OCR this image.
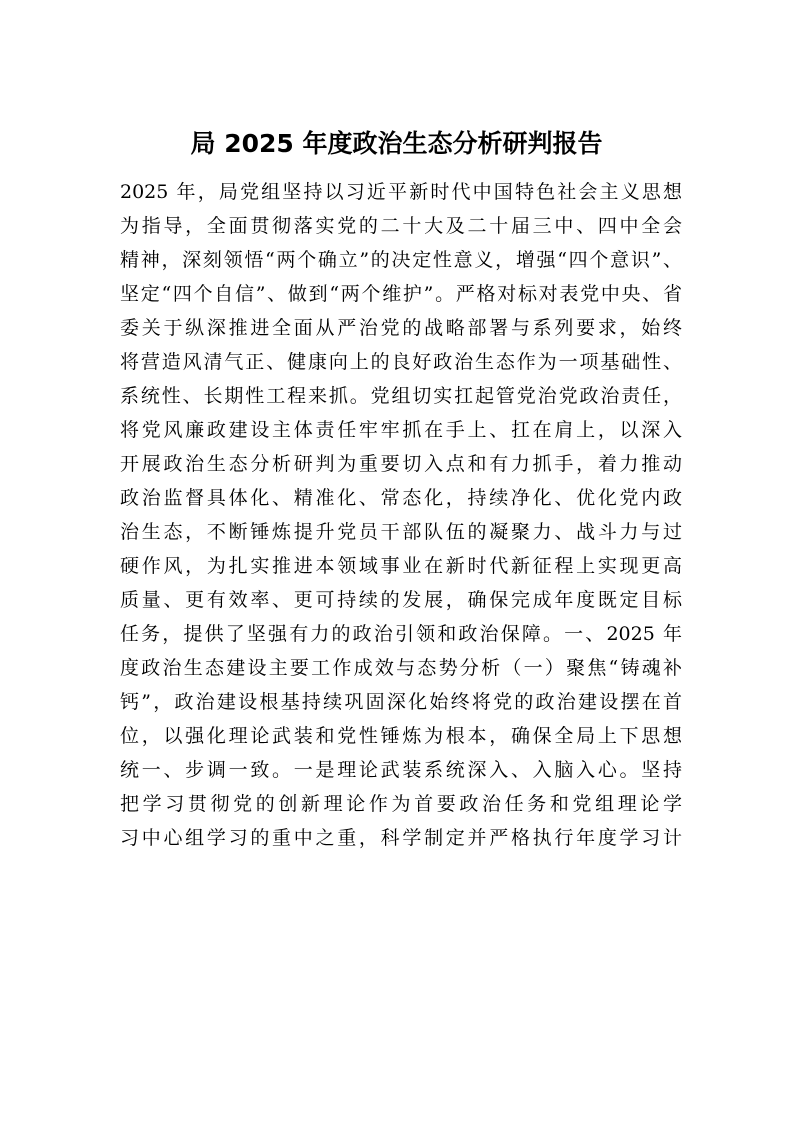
局 2025 年度政治生态分析研判报告
2025 年，局党组坚持以习近平新时代中国特色社会主义思想
为指导，全面贯彻落实党的二十大及二十届三中、四中全会
精神，深刻领悟“两个确立”的决定性意义，增强“四个意识”、
坚定“四个自信”、做到“两个维护”。严格对标对表党中央、省
委关于纵深推进全面从严治党的战略部署与系列要求，始终
将营造风清气正、健康向上的良好政治生态作为一项基础性、
系统性、长期性工程来抓。党组切实扛起管党治党政治责任，
将党风廉政建设主体责任牢牢抓在手上、扛在肩上，以深入
开展政治生态分析研判为重要切入点和有力抓手，着力推动
政治监督具体化、精准化、常态化，持续净化、优化党内政
治生态，不断锤炼提升党员干部队伍的凝聚力、战斗力与过
硬作风，为扎实推进本领域事业在新时代新征程上实现更高
质量、更有效率、更可持续的发展，确保完成年度既定目标
任务，提供了坚强有力的政治引领和政治保障。一、2025 年
度政治生态建设主要工作成效与态势分析（一）聚焦“铸魂补
钙”，政治建设根基持续巩固深化始终将党的政治建设摆在首
位，以强化理论武装和党性锤炼为根本，确保全局上下思想
统一、步调一致。一是理论武装系统深入、入脑入心。坚持
把学习贯彻党的创新理论作为首要政治任务和党组理论学
习中心组学习的重中之重，科学制定并严格执行年度学习计
